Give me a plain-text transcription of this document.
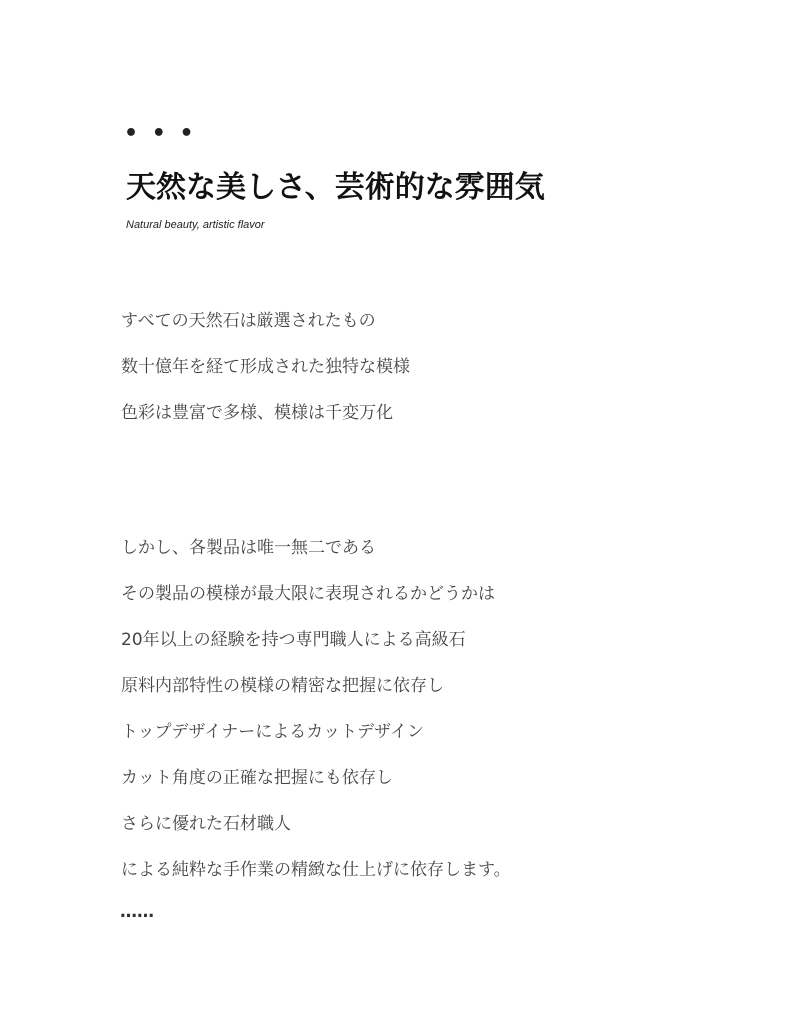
• • •
天然な美しさ、芸術的な雰囲気
Natural beauty, artistic flavor
すべての天然石は厳選されたもの
数十億年を経て形成された独特な模様
色彩は豊富で多様、模様は千変万化
しかし、各製品は唯一無二である
その製品の模様が最大限に表現されるかどうかは
20年以上の経験を持つ専門職人による高級石
原料内部特性の模様の精密な把握に依存し
トップデザイナーによるカットデザイン
カット角度の正確な把握にも依存し
さらに優れた石材職人
による純粋な手作業の精緻な仕上げに依存します。
……
